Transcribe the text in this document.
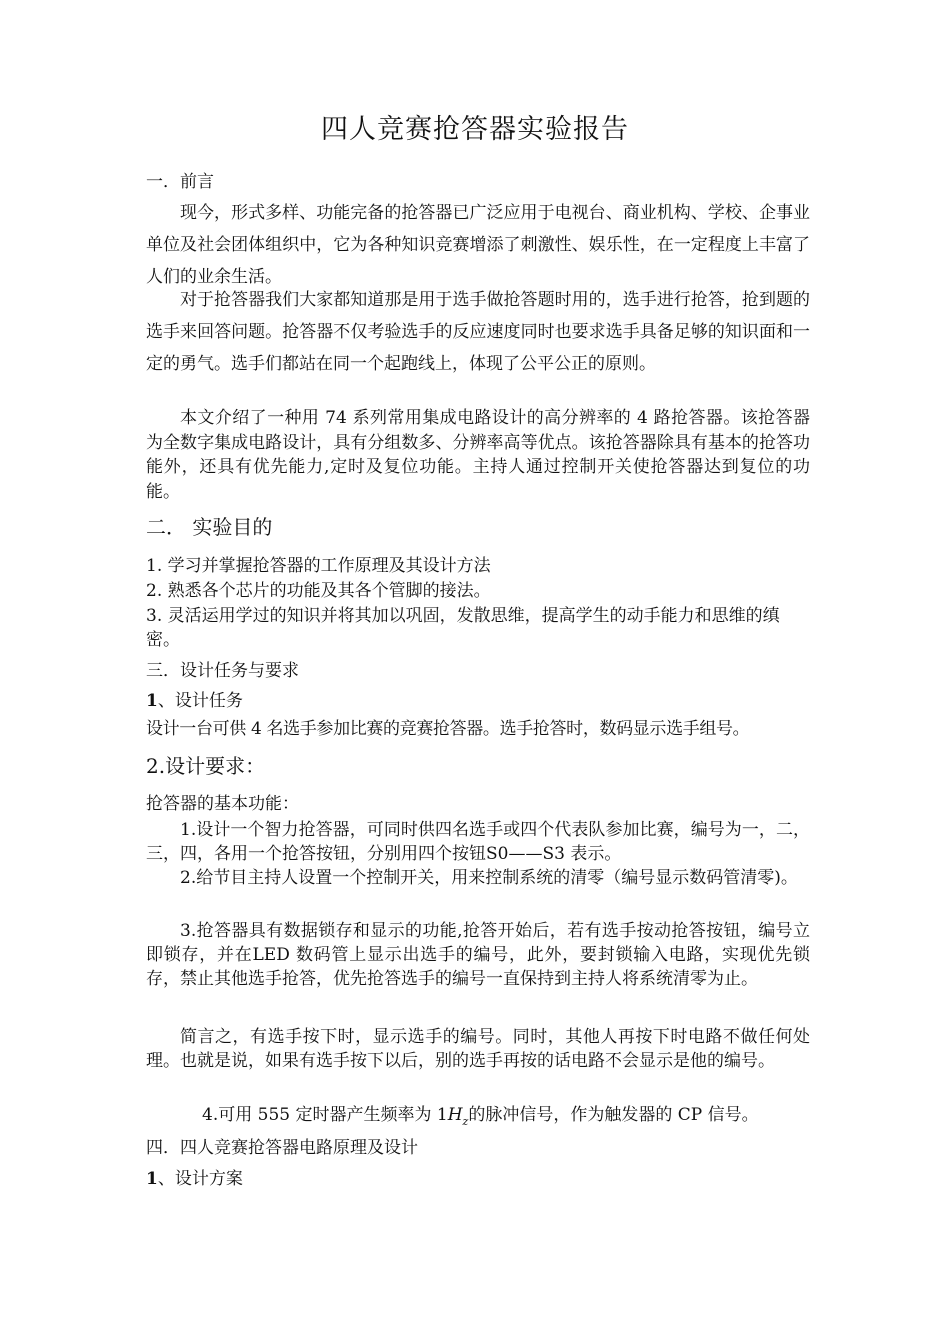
四人竞赛抢答器实验报告
一．前言
现今，形式多样、功能完备的抢答器已广泛应用于电视台、商业机构、学校、企事业单位及社会团体组织中，它为各种知识竞赛增添了刺激性、娱乐性，在一定程度上丰富了人们的业余生活。
对于抢答器我们大家都知道那是用于选手做抢答题时用的，选手进行抢答，抢到题的选手来回答问题。抢答器不仅考验选手的反应速度同时也要求选手具备足够的知识面和一定的勇气。选手们都站在同一个起跑线上，体现了公平公正的原则。
本文介绍了一种用 74 系列常用集成电路设计的高分辨率的 4 路抢答器。该抢答器为全数字集成电路设计，具有分组数多、分辨率高等优点。该抢答器除具有基本的抢答功能外，还具有优先能力,定时及复位功能。主持人通过控制开关使抢答器达到复位的功能。
二． 实验目的
1. 学习并掌握抢答器的工作原理及其设计方法
2. 熟悉各个芯片的功能及其各个管脚的接法。
3. 灵活运用学过的知识并将其加以巩固，发散思维，提高学生的动手能力和思维的缜密。
三．设计任务与要求
1、设计任务
设计一台可供 4 名选手参加比赛的竞赛抢答器。选手抢答时，数码显示选手组号。
2.设计要求：
抢答器的基本功能：
1.设计一个智力抢答器，可同时供四名选手或四个代表队参加比赛，编号为一，二，三，四，各用一个抢答按钮，分别用四个按钮S0——S3 表示。
2.给节目主持人设置一个控制开关，用来控制系统的清零（编号显示数码管清零)。
3.抢答器具有数据锁存和显示的功能,抢答开始后，若有选手按动抢答按钮，编号立即锁存，并在LED 数码管上显示出选手的编号，此外，要封锁输入电路，实现优先锁存，禁止其他选手抢答，优先抢答选手的编号一直保持到主持人将系统清零为止。
简言之，有选手按下时，显示选手的编号。同时，其他人再按下时电路不做任何处理。也就是说，如果有选手按下以后，别的选手再按的话电路不会显示是他的编号。
4.可用 555 定时器产生频率为 $1H_z$的脉冲信号，作为触发器的 CP 信号。
四．四人竞赛抢答器电路原理及设计
1、设计方案
